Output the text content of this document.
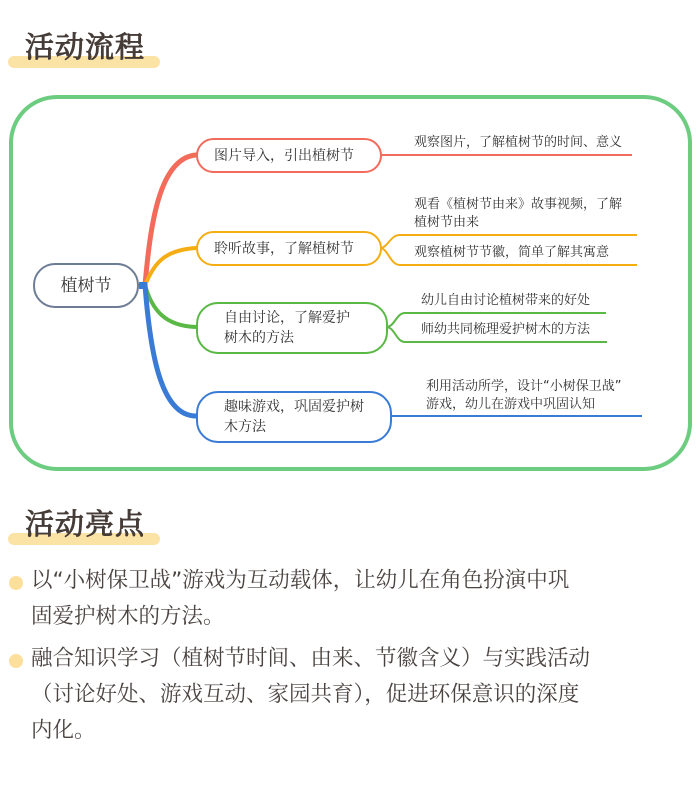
活动流程
植树节
图片导入，引出植树节
聆听故事，了解植树节
自由讨论，了解爱护
树木的方法
趣味游戏，巩固爱护树
木方法
观察图片，了解植树节的时间、意义
观看《植树节由来》故事视频，了解
植树节由来
观察植树节节徽，简单了解其寓意
幼儿自由讨论植树带来的好处
师幼共同梳理爱护树木的方法
利用活动所学，设计“小树保卫战”
游戏，幼儿在游戏中巩固认知
活动亮点
以“小树保卫战”游戏为互动载体，让幼儿在角色扮演中巩
固爱护树木的方法。
融合知识学习（植树节时间、由来、节徽含义）与实践活动
（讨论好处、游戏互动、家园共育），促进环保意识的深度
内化。
